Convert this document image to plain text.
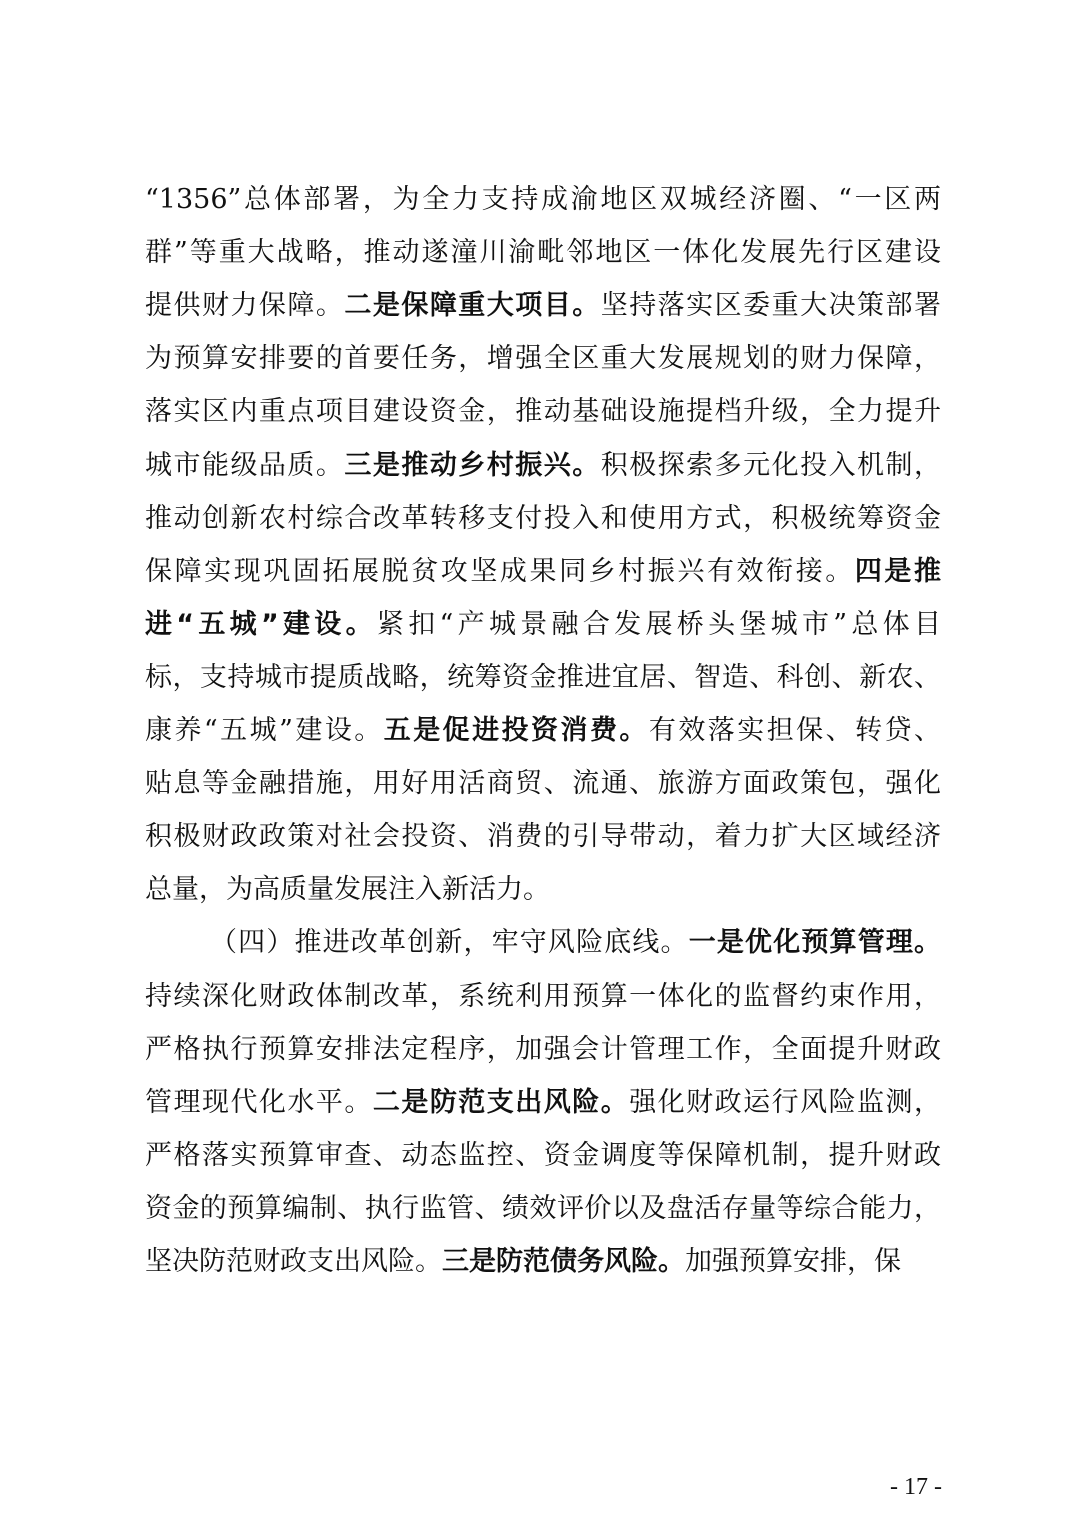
“1356”总体部署，为全力支持成渝地区双城经济圈、“一区两
群”等重大战略，推动遂潼川渝毗邻地区一体化发展先行区建设
提供财力保障。二是保障重大项目。坚持落实区委重大决策部署
为预算安排要的首要任务，增强全区重大发展规划的财力保障，
落实区内重点项目建设资金，推动基础设施提档升级，全力提升
城市能级品质。三是推动乡村振兴。积极探索多元化投入机制，
推动创新农村综合改革转移支付投入和使用方式，积极统筹资金
保障实现巩固拓展脱贫攻坚成果同乡村振兴有效衔接。四是推
进“五城”建设。紧扣“产城景融合发展桥头堡城市”总体目
标，支持城市提质战略，统筹资金推进宜居、智造、科创、新农、
康养“五城”建设。五是促进投资消费。有效落实担保、转贷、
贴息等金融措施，用好用活商贸、流通、旅游方面政策包，强化
积极财政政策对社会投资、消费的引导带动，着力扩大区域经济
总量，为高质量发展注入新活力。
（四）推进改革创新，牢守风险底线。一是优化预算管理。
持续深化财政体制改革，系统利用预算一体化的监督约束作用，
严格执行预算安排法定程序，加强会计管理工作，全面提升财政
管理现代化水平。二是防范支出风险。强化财政运行风险监测，
严格落实预算审查、动态监控、资金调度等保障机制，提升财政
资金的预算编制、执行监管、绩效评价以及盘活存量等综合能力，
坚决防范财政支出风险。三是防范债务风险。加强预算安排，保
- 17 -
